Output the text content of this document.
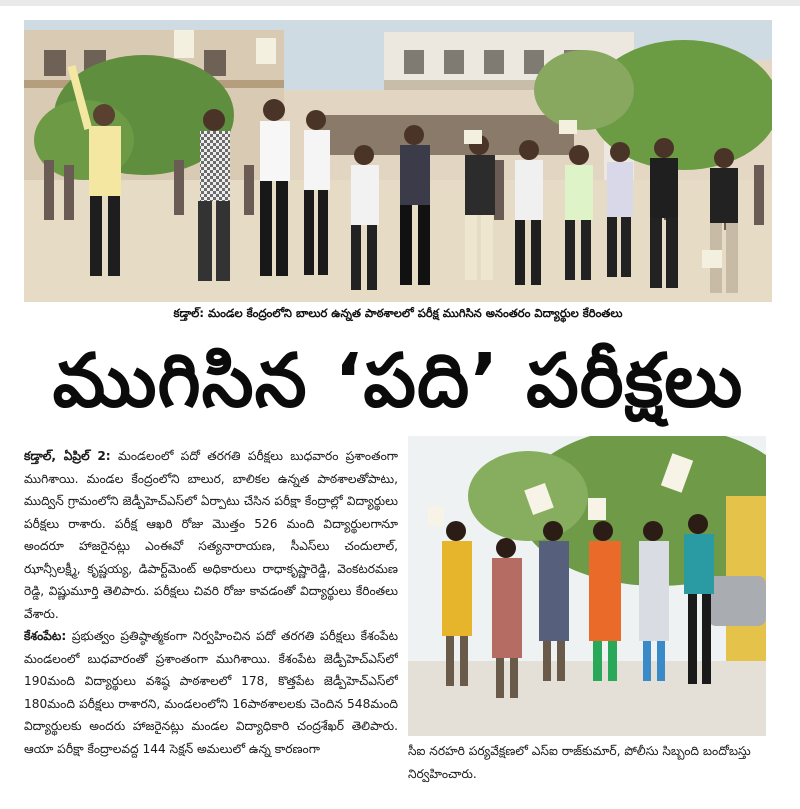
కడ్తాల్: మండల కేంద్రంలోని బాలుర ఉన్నత పాఠశాలలో పరీక్ష ముగిసిన అనంతరం విద్యార్థుల కేరింతలు
ముగిసిన ‘పది’ పరీక్షలు

కడ్తాల్, ఏప్రిల్ 2: మండలంలో పదో తరగతి పరీక్షలు బుధవారం ప్రశాంతంగా ముగిశాయి. మండల కేంద్రంలోని బాలుర, బాలికల ఉన్నత పాఠశాలతోపాటు, ముద్విన్ గ్రామంలోని జెడ్పీహెచ్ఎస్‌లో ఏర్పాటు చేసిన పరీక్షా కేంద్రాల్లో విద్యార్థులు పరీక్షలు రాశారు. పరీక్ష ఆఖరి రోజు మొత్తం 526 మంది విద్యార్థులగానూ అందరూ హాజరైనట్లు ఎంఈవో సత్యనారాయణ, సీఎస్‌లు చందులాల్, ఝాన్సీలక్ష్మీ, కృష్ణయ్య, డిపార్ట్‌మెంట్ అధికారులు రాధాకృష్ణారెడ్డి, వెంకటరమణ రెడ్డి, విష్ణుమూర్తి తెలిపారు. పరీక్షలు చివరి రోజు కావడంతో విద్యార్థులు కేరింతలు వేశారు.

కేశంపేట: ప్రభుత్వం ప్రతిష్ఠాత్మకంగా నిర్వహించిన పదో తరగతి పరీక్షలు కేశంపేట మండలంలో బుధవారంతో ప్రశాంతంగా ముగిశాయి. కేశంపేట జెడ్పీహెచ్ఎస్‌లో 190మంది విద్యార్థులు వశిష్ఠ పాఠశాలలో 178, కొత్తపేట జెడ్పీహెచ్ఎస్‌లో 180మంది పరీక్షలు రాశారని, మండలంలోని 16పాఠశాలలకు చెందిన 548మంది విద్యార్థులకు అందరు హాజరైనట్లు మండల విద్యాధికారి చంద్రశేఖర్ తెలిపారు. ఆయా పరీక్షా కేంద్రాలవద్ద 144 సెక్షన్ అమలులో ఉన్న కారణంగా	సీఐ నరహరి పర్యవేక్షణలో ఎస్ఐ రాజ్‌కుమార్, పోలీసు సిబ్బంది బందోబస్తు నిర్వహించారు.
